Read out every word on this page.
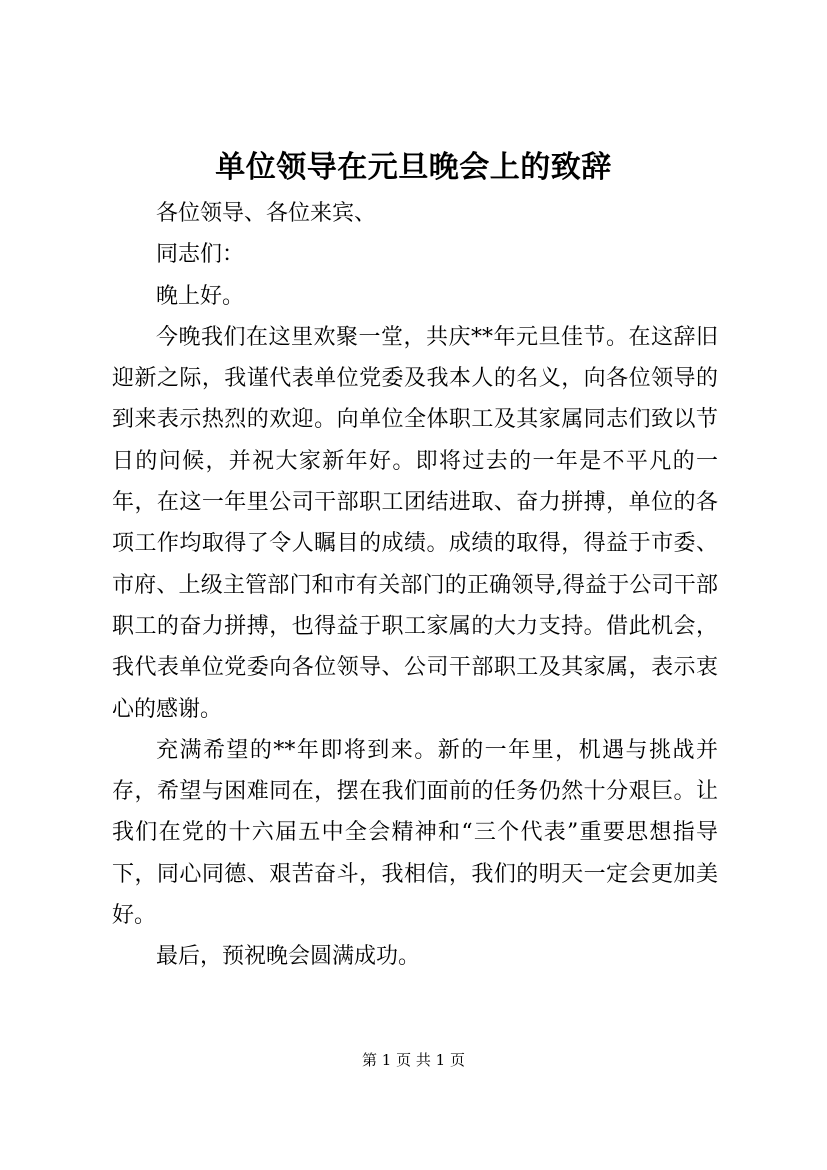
单位领导在元旦晚会上的致辞

各位领导、各位来宾、

同志们：

晚上好。

今晚我们在这里欢聚一堂，共庆**年元旦佳节。在这辞旧迎新之际，我谨代表单位党委及我本人的名义，向各位领导的到来表示热烈的欢迎。向单位全体职工及其家属同志们致以节日的问候，并祝大家新年好。即将过去的一年是不平凡的一年，在这一年里公司干部职工团结进取、奋力拼搏，单位的各项工作均取得了令人瞩目的成绩。成绩的取得，得益于市委、市府、上级主管部门和市有关部门的正确领导,得益于公司干部职工的奋力拼搏，也得益于职工家属的大力支持。借此机会，我代表单位党委向各位领导、公司干部职工及其家属，表示衷心的感谢。

充满希望的**年即将到来。新的一年里，机遇与挑战并存，希望与困难同在，摆在我们面前的任务仍然十分艰巨。让我们在党的十六届五中全会精神和“三个代表”重要思想指导下，同心同德、艰苦奋斗，我相信，我们的明天一定会更加美好。

最后，预祝晚会圆满成功。

第 1 页 共 1 页
